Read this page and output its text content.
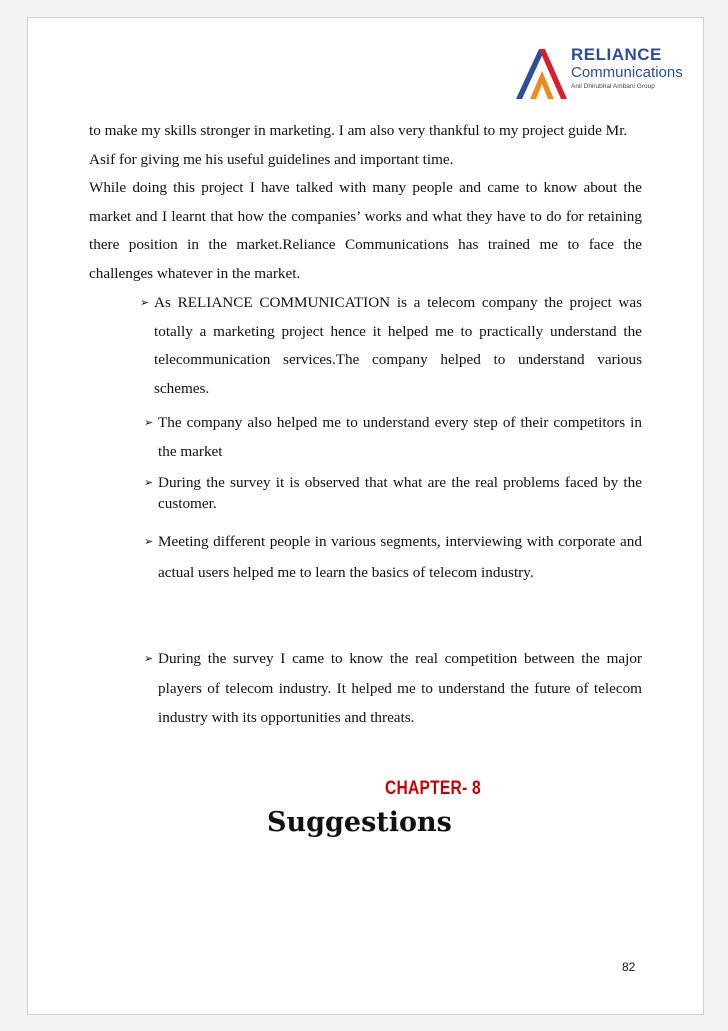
RELIANCE
Communications
Anil Dhirubhai Ambani Group
to make my skills stronger in marketing. I am also very thankful to my project guide Mr. Asif for giving me his useful guidelines and important time.
While doing this project I have talked with many people and came to know about the market and I learnt that how the companies’ works and what they have to do for retaining there position in the market.Reliance Communications has trained me to face the challenges whatever in the market.
➢ As RELIANCE COMMUNICATION is a telecom company the project was totally a marketing project hence it helped me to practically understand the telecommunication services.The company helped to understand various schemes.
➢ The company also helped me to understand every step of their competitors in the market
➢ During the survey it is observed that what are the real problems faced by the customer.
➢ Meeting different people in various segments, interviewing with corporate and actual users helped me to learn the basics of telecom industry.
➢ During the survey I came to know the real competition between the major players of telecom industry. It helped me to understand the future of telecom industry with its opportunities and threats.
CHAPTER- 8
Suggestions
82
